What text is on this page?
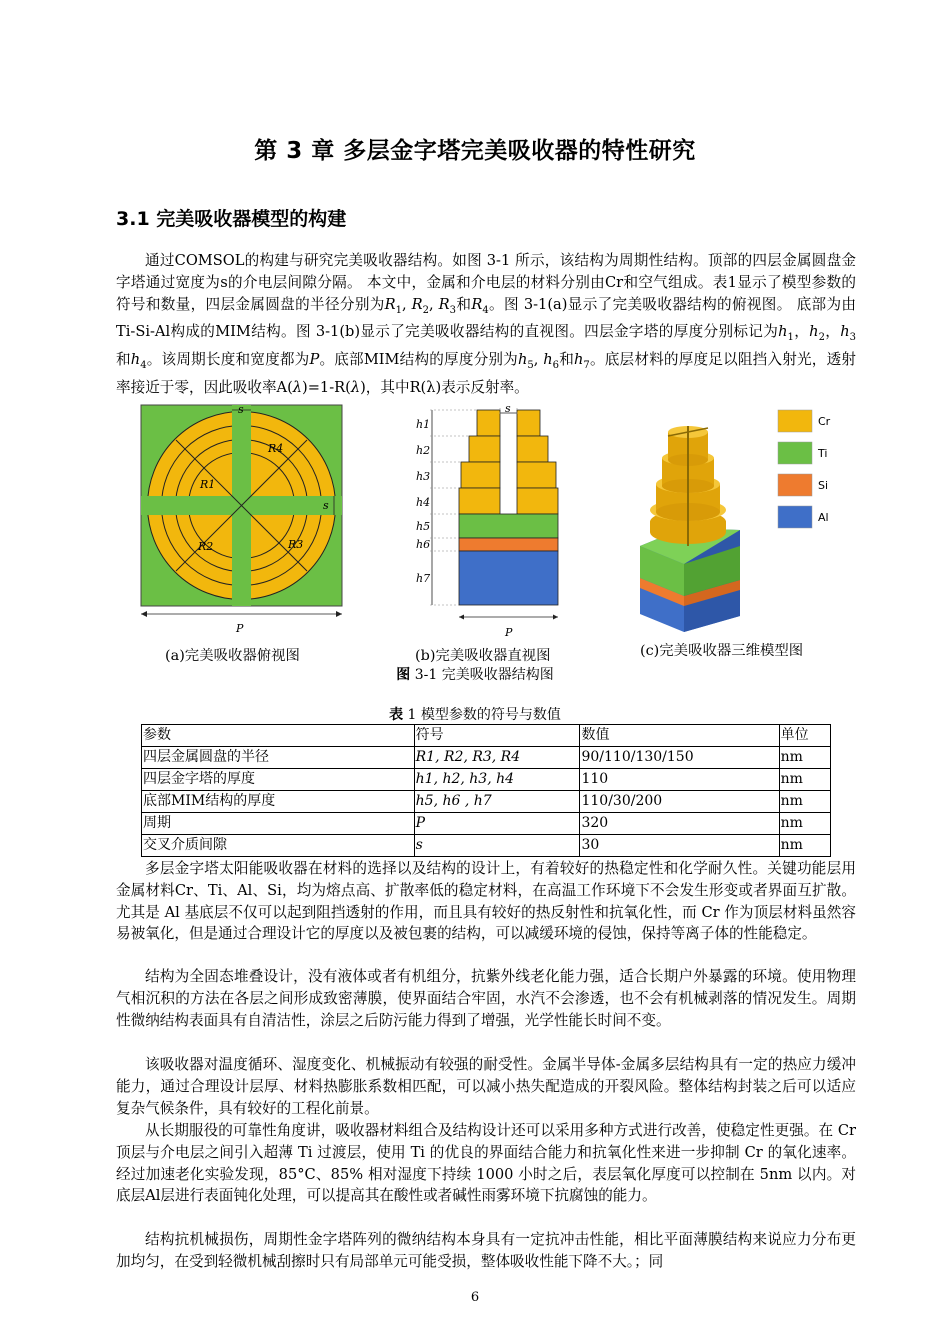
第 3 章 多层金字塔完美吸收器的特性研究
3.1 完美吸收器模型的构建

通过COMSOL的构建与研究完美吸收器结构。如图 3-1 所示，该结构为周期性结构。顶部的四层金属圆盘金字塔通过宽度为s的介电层间隙分隔。 本文中，金属和介电层的材料分别由Cr和空气组成。表1显示了模型参数的符号和数量，四层金属圆盘的半径分别为$R_1$, $R_2$, $R_3$和$R_4$。图 3-1(a)显示了完美吸收器结构的俯视图。 底部为由Ti-Si-Al构成的MIM结构。图 3-1(b)显示了完美吸收器结构的直视图。四层金字塔的厚度分别标记为$h_1$，$h_2$，$h_3$和$h_4$。该周期长度和宽度都为P。底部MIM结构的厚度分别为$h_5$, $h_6$和$h_7$。底层材料的厚度足以阻挡入射光，透射率接近于零，因此吸收率A(λ)=1-R(λ)，其中R(λ)表示反射率。

s
s
R1
R2	R3
R4
P
s
h1
h2
h3
h4
h5
h6
h7
P
Cr
Ti
Si
Al
(a)完美吸收器俯视图	(b)完美吸收器直视图	(c)完美吸收器三维模型图
图 3-1 完美吸收器结构图
表 1 模型参数的符号与数值
参数	符号	数值	单位
四层金属圆盘的半径	R1, R2, R3, R4	90/110/130/150	nm
四层金字塔的厚度	h1, h2, h3, h4	110	nm
底部MIM结构的厚度	h5, h6 , h7	110/30/200	nm
周期	P	320	nm
交叉介质间隙	s	30	nm

多层金字塔太阳能吸收器在材料的选择以及结构的设计上，有着较好的热稳定性和化学耐久性。关键功能层用金属材料Cr、Ti、Al、Si，均为熔点高、扩散率低的稳定材料，在高温工作环境下不会发生形变或者界面互扩散。尤其是 Al 基底层不仅可以起到阻挡透射的作用，而且具有较好的热反射性和抗氧化性，而 Cr 作为顶层材料虽然容易被氧化，但是通过合理设计它的厚度以及被包裹的结构，可以减缓环境的侵蚀，保持等离子体的性能稳定。

结构为全固态堆叠设计，没有液体或者有机组分，抗紫外线老化能力强，适合长期户外暴露的环境。使用物理气相沉积的方法在各层之间形成致密薄膜，使界面结合牢固，水汽不会渗透，也不会有机械剥落的情况发生。周期性微纳结构表面具有自清洁性，涂层之后防污能力得到了增强，光学性能长时间不变。

该吸收器对温度循环、湿度变化、机械振动有较强的耐受性。金属半导体-金属多层结构具有一定的热应力缓冲能力，通过合理设计层厚、材料热膨胀系数相匹配，可以减小热失配造成的开裂风险。整体结构封装之后可以适应复杂气候条件，具有较好的工程化前景。

从长期服役的可靠性角度讲，吸收器材料组合及结构设计还可以采用多种方式进行改善，使稳定性更强。在 Cr 顶层与介电层之间引入超薄 Ti 过渡层，使用 Ti 的优良的界面结合能力和抗氧化性来进一步抑制 Cr 的氧化速率。经过加速老化实验发现，85°C、85% 相对湿度下持续 1000 小时之后，表层氧化厚度可以控制在 5nm 以内。对底层Al层进行表面钝化处理，可以提高其在酸性或者碱性雨雾环境下抗腐蚀的能力。

结构抗机械损伤，周期性金字塔阵列的微纳结构本身具有一定抗冲击性能，相比平面薄膜结构来说应力分布更加均匀，在受到轻微机械刮擦时只有局部单元可能受损，整体吸收性能下降不大。；同

6
